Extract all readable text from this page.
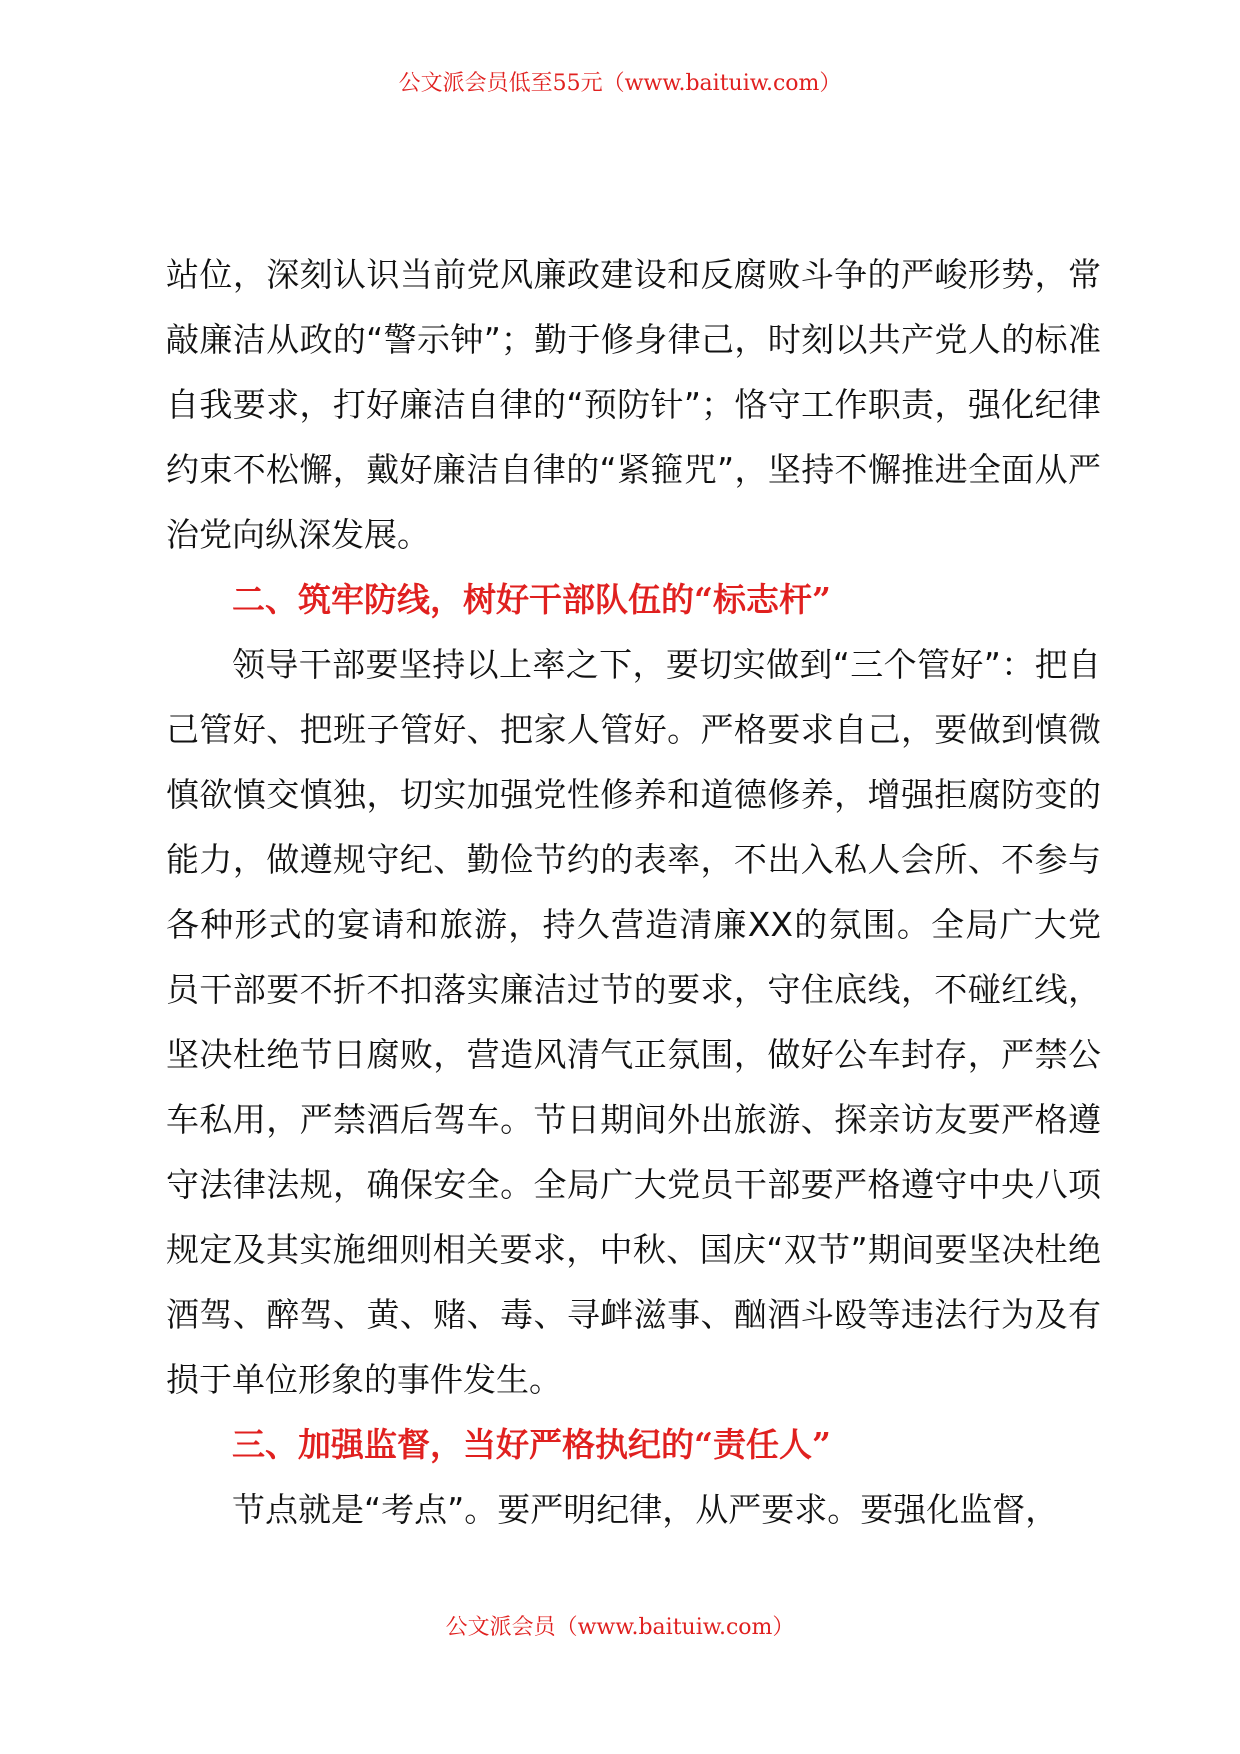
公文派会员低至55元（www.baituiw.com）

站位，深刻认识当前党风廉政建设和反腐败斗争的严峻形势，常敲廉洁从政的“警示钟”；勤于修身律己，时刻以共产党人的标准自我要求，打好廉洁自律的“预防针”；恪守工作职责，强化纪律约束不松懈，戴好廉洁自律的“紧箍咒”，坚持不懈推进全面从严治党向纵深发展。

二、筑牢防线，树好干部队伍的“标志杆”

领导干部要坚持以上率之下，要切实做到“三个管好”：把自己管好、把班子管好、把家人管好。严格要求自己，要做到慎微慎欲慎交慎独，切实加强党性修养和道德修养，增强拒腐防变的能力，做遵规守纪、勤俭节约的表率，不出入私人会所、不参与各种形式的宴请和旅游，持久营造清廉XX的氛围。全局广大党员干部要不折不扣落实廉洁过节的要求，守住底线，不碰红线，坚决杜绝节日腐败，营造风清气正氛围，做好公车封存，严禁公车私用，严禁酒后驾车。节日期间外出旅游、探亲访友要严格遵守法律法规，确保安全。全局广大党员干部要严格遵守中央八项规定及其实施细则相关要求，中秋、国庆“双节”期间要坚决杜绝酒驾、醉驾、黄、赌、毒、寻衅滋事、酗酒斗殴等违法行为及有损于单位形象的事件发生。

三、加强监督，当好严格执纪的“责任人”

节点就是“考点”。要严明纪律，从严要求。要强化监督，

公文派会员（www.baituiw.com）
